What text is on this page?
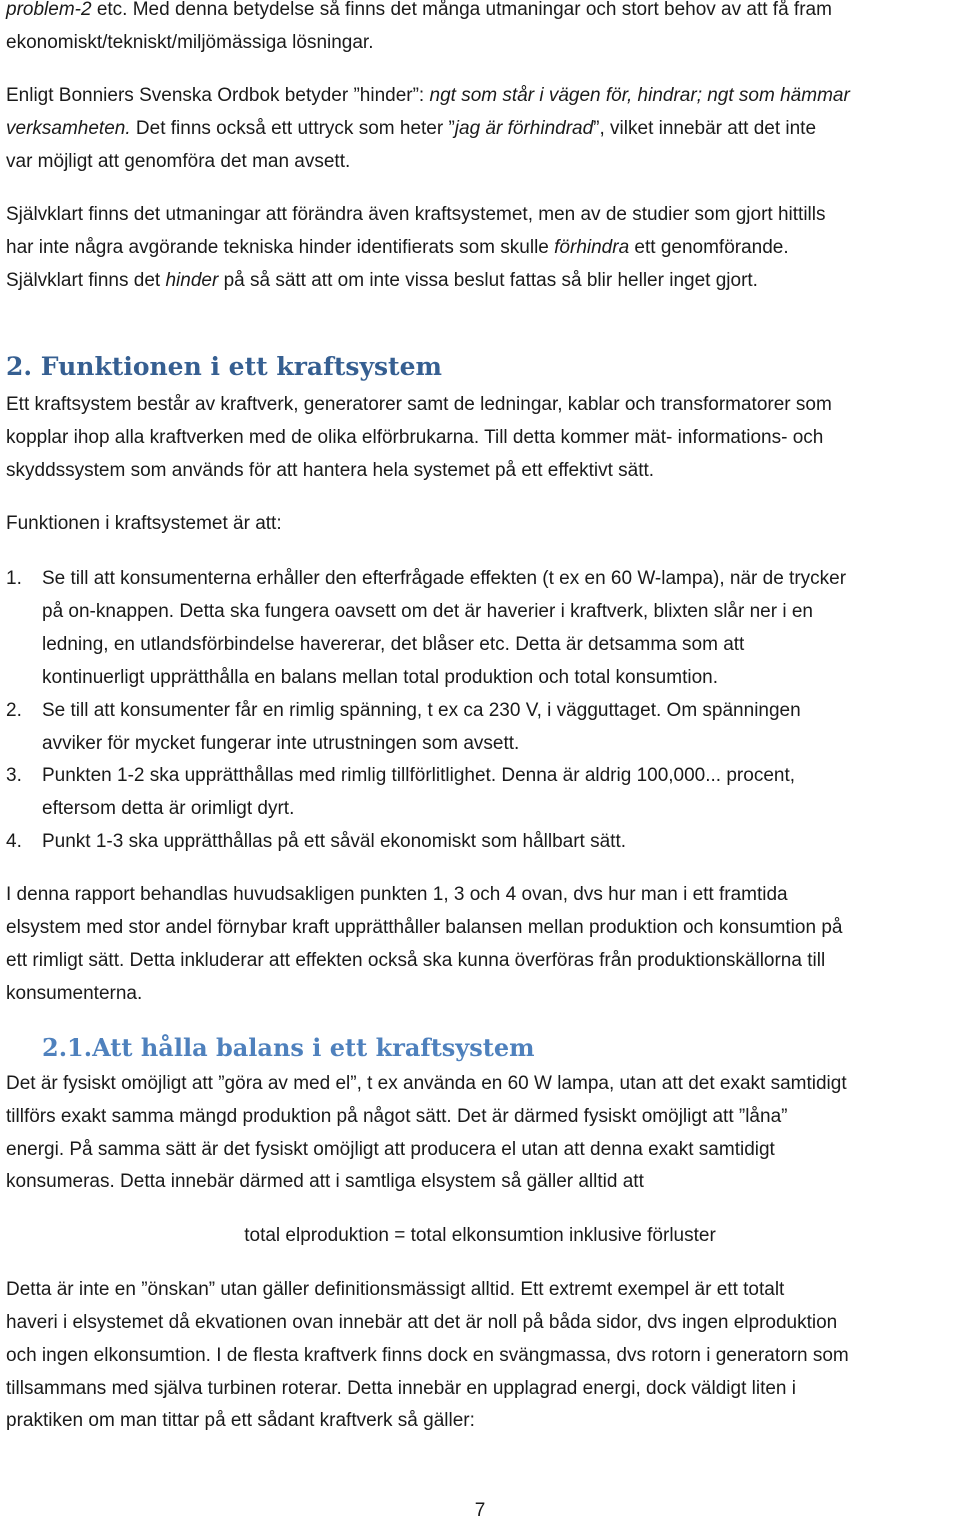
problem-2 etc. Med denna betydelse så finns det många utmaningar och stort behov av att få fram
ekonomiskt/tekniskt/miljömässiga lösningar.
Enligt Bonniers Svenska Ordbok betyder ”hinder”: ngt som står i vägen för, hindrar; ngt som hämmar
verksamheten. Det finns också ett uttryck som heter ”jag är förhindrad”, vilket innebär att det inte
var möjligt att genomföra det man avsett.
Självklart finns det utmaningar att förändra även kraftsystemet, men av de studier som gjort hittills
har inte några avgörande tekniska hinder identifierats som skulle förhindra ett genomförande.
Självklart finns det hinder på så sätt att om inte vissa beslut fattas så blir heller inget gjort.
2. Funktionen i ett kraftsystem
Ett kraftsystem består av kraftverk, generatorer samt de ledningar, kablar och transformatorer som
kopplar ihop alla kraftverken med de olika elförbrukarna. Till detta kommer mät- informations- och
skyddssystem som används för att hantera hela systemet på ett effektivt sätt.
Funktionen i kraftsystemet är att:
1. Se till att konsumenterna erhåller den efterfrågade effekten (t ex en 60 W-lampa), när de trycker
på on-knappen. Detta ska fungera oavsett om det är haverier i kraftverk, blixten slår ner i en
ledning, en utlandsförbindelse havererar, det blåser etc. Detta är detsamma som att
kontinuerligt upprätthålla en balans mellan total produktion och total konsumtion.
2. Se till att konsumenter får en rimlig spänning, t ex ca 230 V, i vägguttaget. Om spänningen
avviker för mycket fungerar inte utrustningen som avsett.
3. Punkten 1-2 ska upprätthållas med rimlig tillförlitlighet. Denna är aldrig 100,000... procent,
eftersom detta är orimligt dyrt.
4. Punkt 1-3 ska upprätthållas på ett såväl ekonomiskt som hållbart sätt.
I denna rapport behandlas huvudsakligen punkten 1, 3 och 4 ovan, dvs hur man i ett framtida
elsystem med stor andel förnybar kraft upprätthåller balansen mellan produktion och konsumtion på
ett rimligt sätt. Detta inkluderar att effekten också ska kunna överföras från produktionskällorna till
konsumenterna.
2.1.Att hålla balans i ett kraftsystem
Det är fysiskt omöjligt att ”göra av med el”, t ex använda en 60 W lampa, utan att det exakt samtidigt
tillförs exakt samma mängd produktion på något sätt. Det är därmed fysiskt omöjligt att ”låna”
energi. På samma sätt är det fysiskt omöjligt att producera el utan att denna exakt samtidigt
konsumeras. Detta innebär därmed att i samtliga elsystem så gäller alltid att
total elproduktion = total elkonsumtion inklusive förluster
Detta är inte en ”önskan” utan gäller definitionsmässigt alltid. Ett extremt exempel är ett totalt
haveri i elsystemet då ekvationen ovan innebär att det är noll på båda sidor, dvs ingen elproduktion
och ingen elkonsumtion. I de flesta kraftverk finns dock en svängmassa, dvs rotorn i generatorn som
tillsammans med själva turbinen roterar. Detta innebär en upplagrad energi, dock väldigt liten i
praktiken om man tittar på ett sådant kraftverk så gäller:
7
